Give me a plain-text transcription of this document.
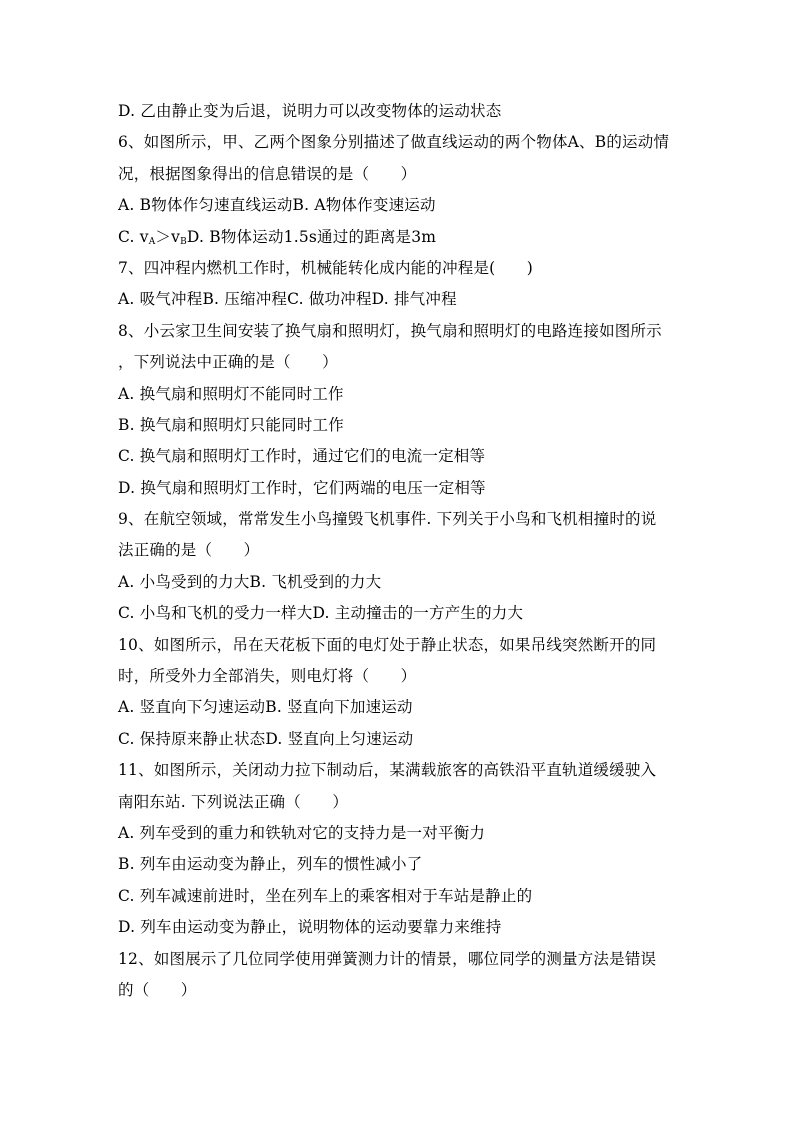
D. 乙由静止变为后退，说明力可以改变物体的运动状态
6、如图所示，甲、乙两个图象分别描述了做直线运动的两个物体A、B的运动情
况，根据图象得出的信息错误的是（　　）
A. B物体作匀速直线运动B. A物体作变速运动
C. $v_A>v_BD$. B物体运动1.5s通过的距离是3m
7、四冲程内燃机工作时，机械能转化成内能的冲程是(　　)
A. 吸气冲程B. 压缩冲程C. 做功冲程D. 排气冲程
8、小云家卫生间安装了换气扇和照明灯，换气扇和照明灯的电路连接如图所示
，下列说法中正确的是（　　）
A. 换气扇和照明灯不能同时工作
B. 换气扇和照明灯只能同时工作
C. 换气扇和照明灯工作时，通过它们的电流一定相等
D. 换气扇和照明灯工作时，它们两端的电压一定相等
9、在航空领域，常常发生小鸟撞毁飞机事件. 下列关于小鸟和飞机相撞时的说
法正确的是（　　）
A. 小鸟受到的力大B. 飞机受到的力大
C. 小鸟和飞机的受力一样大D. 主动撞击的一方产生的力大
10、如图所示，吊在天花板下面的电灯处于静止状态，如果吊线突然断开的同
时，所受外力全部消失，则电灯将（　　）
A. 竖直向下匀速运动B. 竖直向下加速运动
C. 保持原来静止状态D. 竖直向上匀速运动
11、如图所示，关闭动力拉下制动后，某满载旅客的高铁沿平直轨道缓缓驶入
南阳东站. 下列说法正确（　　）
A. 列车受到的重力和铁轨对它的支持力是一对平衡力
B. 列车由运动变为静止，列车的惯性减小了
C. 列车减速前进时，坐在列车上的乘客相对于车站是静止的
D. 列车由运动变为静止，说明物体的运动要靠力来维持
12、如图展示了几位同学使用弹簧测力计的情景，哪位同学的测量方法是错误
的（　　）
